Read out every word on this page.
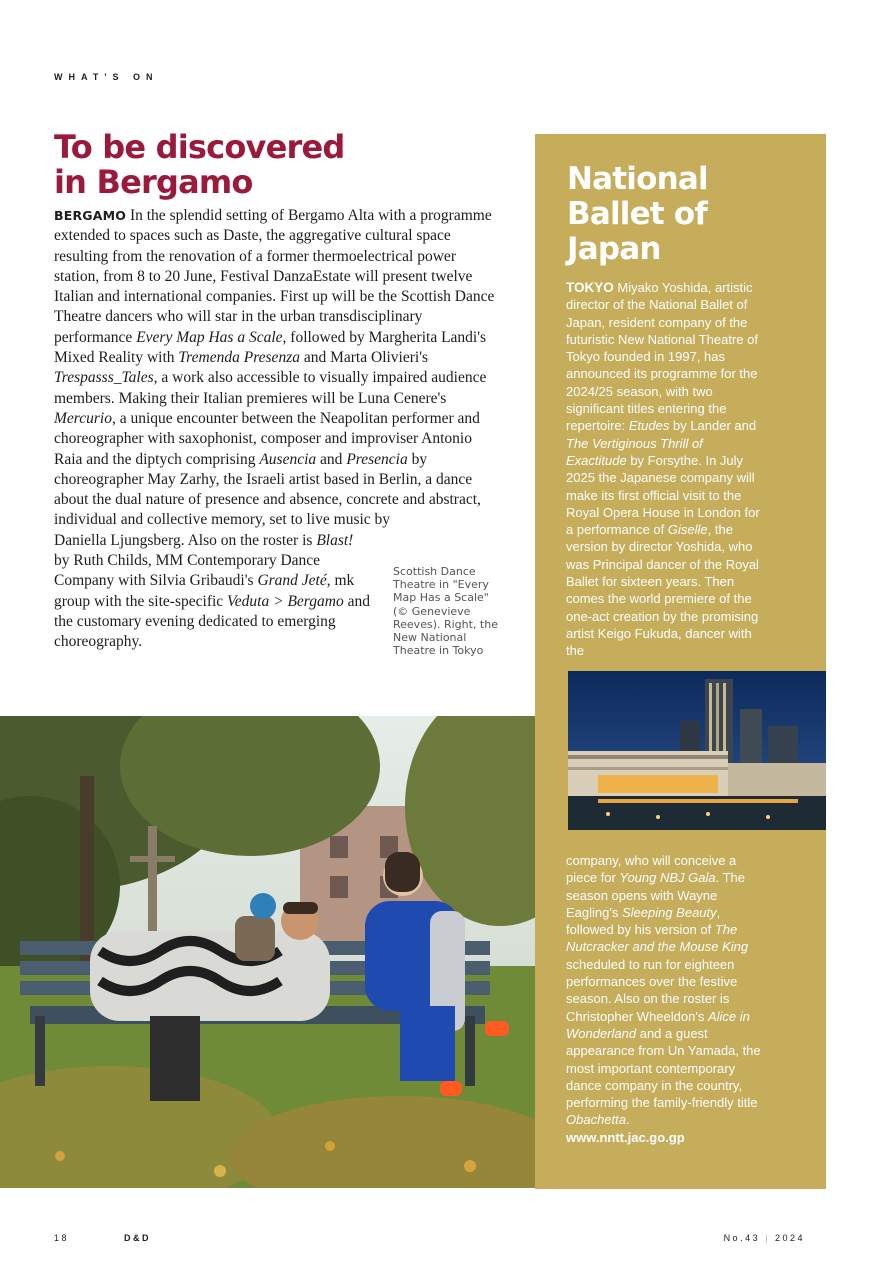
WHAT'S ON
To be discovered
in Bergamo

BERGAMO In the splendid setting of Bergamo Alta with a programme extended to spaces such as Daste, the aggregative cultural space resulting from the renovation of a former thermoelectrical power station, from 8 to 20 June, Festival DanzaEstate will present twelve Italian and international companies. First up will be the Scottish Dance Theatre dancers who will star in the urban transdisciplinary performance Every Map Has a Scale, followed by Margherita Landi's Mixed Reality with Tremenda Presenza and Marta Olivieri's Trespasss_Tales, a work also accessible to visually impaired audience members. Making their Italian premieres will be Luna Cenere's Mercurio, a unique encounter between the Neapolitan performer and choreographer with saxophonist, composer and improviser Antonio Raia and the diptych comprising Ausencia and Presencia by choreographer May Zarhy, the Israeli artist based in Berlin, a dance about the dual nature of presence and absence, concrete and abstract, individual and collective memory, set to live music by
Daniella Ljungsberg. Also on the roster is Blast!
by Ruth Childs, MM Contemporary Dance
Company with Silvia Gribaudi's Grand Jeté, mk
group with the site-specific Veduta > Bergamo and
the customary evening dedicated to emerging
choreography.

Scottish Dance Theatre in "Every Map Has a Scale" (© Genevieve Reeves). Right, the New National Theatre in Tokyo

National
Ballet of
Japan

TOKYO Miyako Yoshida, artistic director of the National Ballet of Japan, resident company of the futuristic New National Theatre of Tokyo founded in 1997, has announced its programme for the 2024/25 season, with two significant titles entering the repertoire: Etudes by Lander and The Vertiginous Thrill of Exactitude by Forsythe. In July 2025 the Japanese company will make its first official visit to the Royal Opera House in London for a performance of Giselle, the version by director Yoshida, who was Principal dancer of the Royal Ballet for sixteen years. Then comes the world premiere of the one-act creation by the promising artist Keigo Fukuda, dancer with the

company, who will conceive a piece for Young NBJ Gala. The season opens with Wayne Eagling's Sleeping Beauty, followed by his version of The Nutcracker and the Mouse King scheduled to run for eighteen performances over the festive season. Also on the roster is Christopher Wheeldon's Alice in Wonderland and a guest appearance from Un Yamada, the most important contemporary dance company in the country, performing the family-friendly title Obachetta.
www.nntt.jac.go.gp

18	D&D	No.43 | 2024
